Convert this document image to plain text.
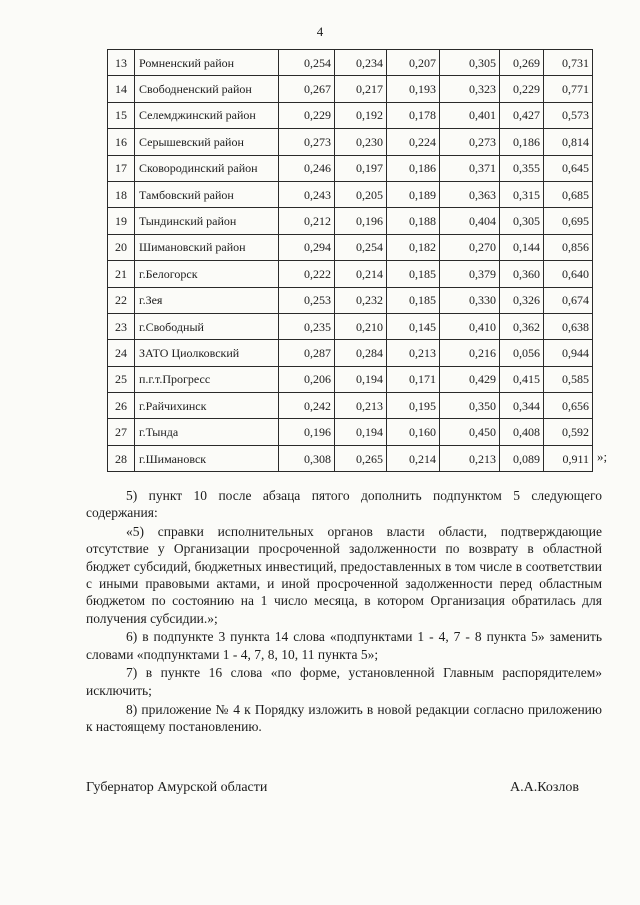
4
13	Ромненский район	0,254	0,234	0,207	0,305	0,269	0,731
14	Свободненский район	0,267	0,217	0,193	0,323	0,229	0,771
15	Селемджинский район	0,229	0,192	0,178	0,401	0,427	0,573
16	Серышевский район	0,273	0,230	0,224	0,273	0,186	0,814
17	Сковородинский район	0,246	0,197	0,186	0,371	0,355	0,645
18	Тамбовский район	0,243	0,205	0,189	0,363	0,315	0,685
19	Тындинский район	0,212	0,196	0,188	0,404	0,305	0,695
20	Шимановский район	0,294	0,254	0,182	0,270	0,144	0,856
21	г.Белогорск	0,222	0,214	0,185	0,379	0,360	0,640
22	г.Зея	0,253	0,232	0,185	0,330	0,326	0,674
23	г.Свободный	0,235	0,210	0,145	0,410	0,362	0,638
24	ЗАТО Циолковский	0,287	0,284	0,213	0,216	0,056	0,944
25	п.г.т.Прогресс	0,206	0,194	0,171	0,429	0,415	0,585
26	г.Райчихинск	0,242	0,213	0,195	0,350	0,344	0,656
27	г.Тында	0,196	0,194	0,160	0,450	0,408	0,592
28	г.Шимановск	0,308	0,265	0,214	0,213	0,089	0,911 »;

5) пункт 10 после абзаца пятого дополнить подпунктом 5 следующего содержания:

«5) справки исполнительных органов власти области, подтверждающие отсутствие у Организации просроченной задолженности по возврату в областной бюджет субсидий, бюджетных инвестиций, предоставленных в том числе в соответствии с иными правовыми актами, и иной просроченной задолженности перед областным бюджетом по состоянию на 1 число месяца, в котором Организация обратилась для получения субсидии.»;

6) в подпункте 3 пункта 14 слова «подпунктами 1 - 4, 7 - 8 пункта 5» заменить словами «подпунктами 1 - 4, 7, 8, 10, 11 пункта 5»;

7) в пункте 16 слова «по форме, установленной Главным распорядителем» исключить;

8) приложение № 4 к Порядку изложить в новой редакции согласно приложению к настоящему постановлению.

Губернатор Амурской области	А.А.Козлов
